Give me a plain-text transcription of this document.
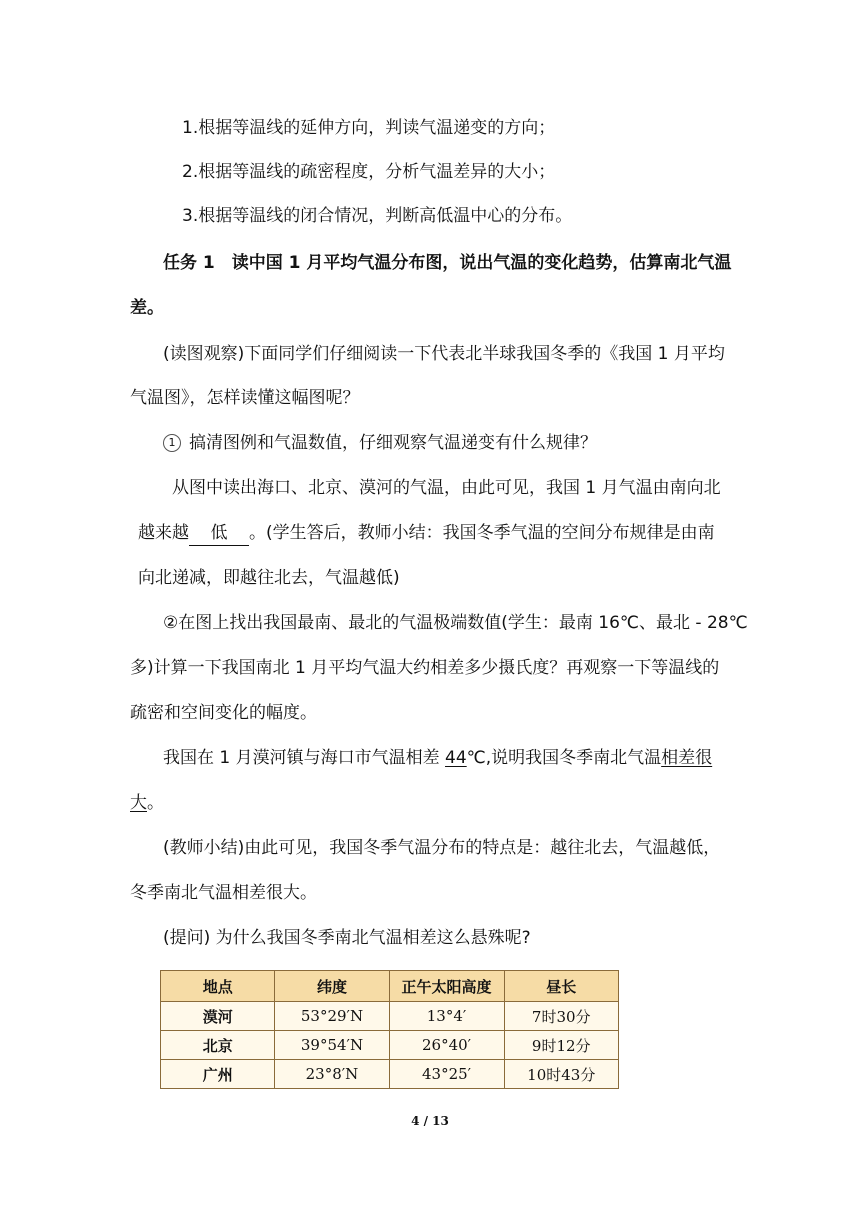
1.根据等温线的延伸方向，判读气温递变的方向；
2.根据等温线的疏密程度，分析气温差异的大小；
3.根据等温线的闭合情况，判断高低温中心的分布。
任务 1　读中国 1 月平均气温分布图，说出气温的变化趋势，估算南北气温
差。
(读图观察)下面同学们仔细阅读一下代表北半球我国冬季的《我国 1 月平均
气温图》，怎样读懂这幅图呢？
1 搞清图例和气温数值，仔细观察气温递变有什么规律？
从图中读出海口、北京、漠河的气温，由此可见，我国 1 月气温由南向北
越来越 低 。(学生答后，教师小结：我国冬季气温的空间分布规律是由南
向北递减，即越往北去，气温越低)
②在图上找出我国最南、最北的气温极端数值(学生：最南 16℃、最北 - 28℃
多)计算一下我国南北 1 月平均气温大约相差多少摄氏度？再观察一下等温线的
疏密和空间变化的幅度。
我国在 1 月漠河镇与海口市气温相差 44℃,说明我国冬季南北气温相差很
大。
(教师小结)由此可见，我国冬季气温分布的特点是：越往北去，气温越低，
冬季南北气温相差很大。
(提问) 为什么我国冬季南北气温相差这么悬殊呢?
地点	纬度	正午太阳高度	昼长
漠河	53°29′N	13°4′	7时30分
北京	39°54′N	26°40′	9时12分
广州	23°8′N	43°25′	10时43分
4 / 13
